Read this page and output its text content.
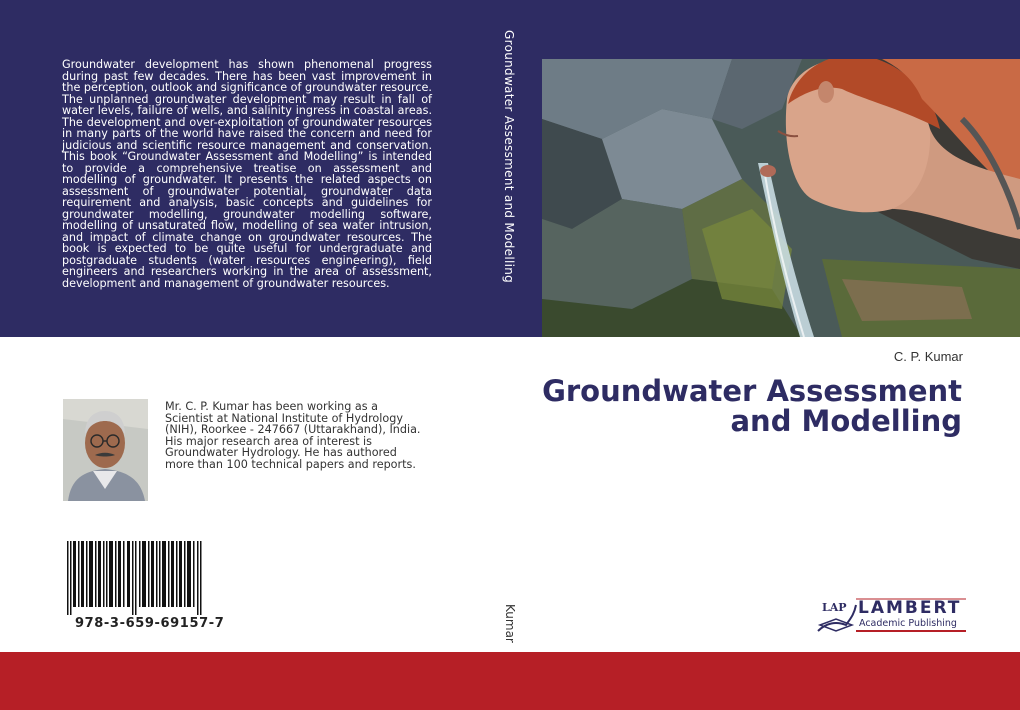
Groundwater development has shown phenomenal progress during past few decades. There has been vast improvement in the perception, outlook and significance of groundwater resource. The unplanned groundwater development may result in fall of water levels, failure of wells, and salinity ingress in coastal areas. The development and over-exploitation of groundwater resources in many parts of the world have raised the concern and need for judicious and scientific resource management and conservation. This book “Groundwater Assessment and Modelling” is intended to provide a comprehensive treatise on assessment and modelling of groundwater. It presents the related aspects on assessment of groundwater potential, groundwater data requirement and analysis, basic concepts and guidelines for groundwater modelling, groundwater modelling software, modelling of unsaturated flow, modelling of sea water intrusion, and impact of climate change on groundwater resources. The book is expected to be quite useful for undergraduate and postgraduate students (water resources engineering), field engineers and researchers working in the area of assessment, development and management of groundwater resources.	Groundwater Assessment and Modelling
Kumar
C. P. Kumar
Groundwater Assessment
and Modelling

Mr. C. P. Kumar has been working as a Scientist at National Institute of Hydrology (NIH), Roorkee - 247667 (Uttarakhand), India. His major research area of interest is Groundwater Hydrology. He has authored more than 100 technical papers and reports.

978-3-659-69157-7
LAP LAMBERT
Academic Publishing
